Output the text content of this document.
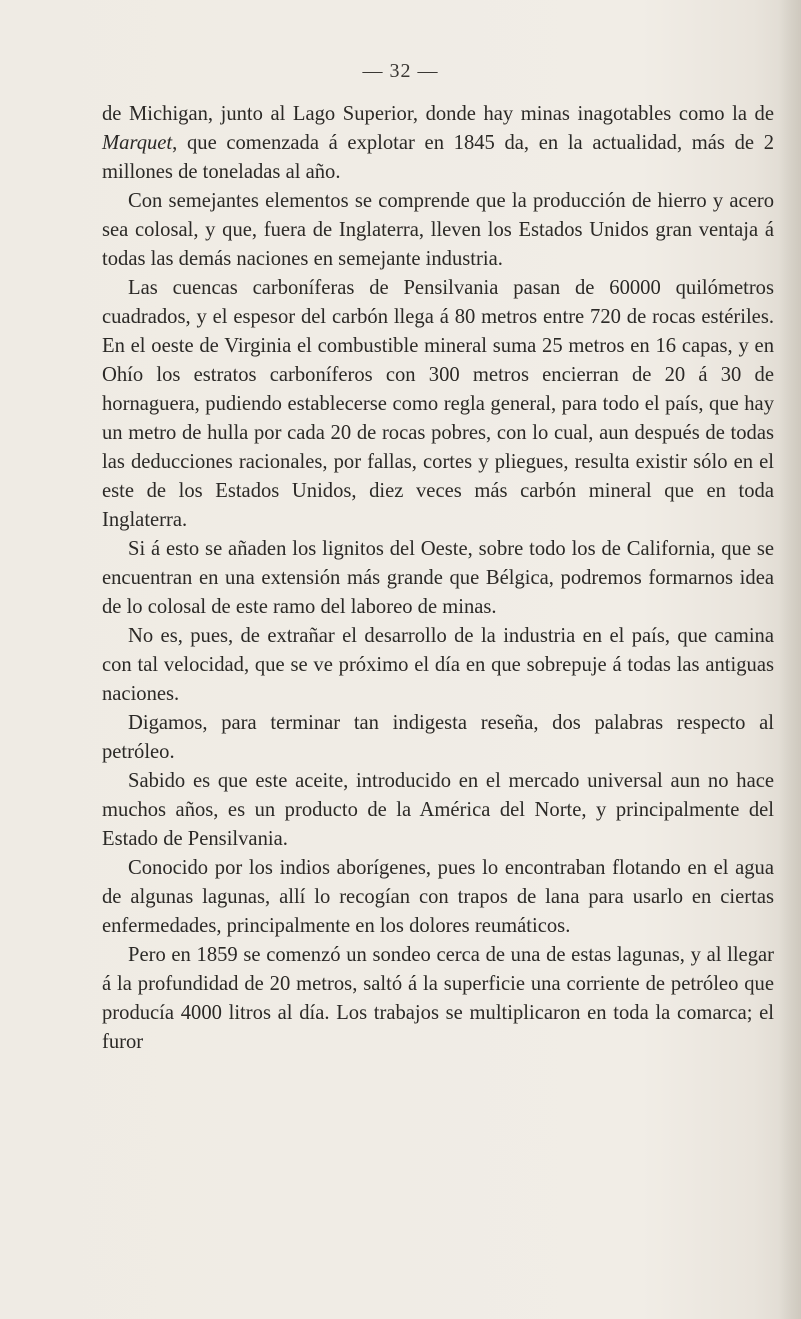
— 32 —

de Michigan, junto al Lago Superior, donde hay minas inagotables como la de Marquet, que comenzada á explotar en 1845 da, en la actualidad, más de 2 millones de toneladas al año.

Con semejantes elementos se comprende que la producción de hierro y acero sea colosal, y que, fuera de Inglaterra, lleven los Estados Unidos gran ventaja á todas las demás naciones en semejante industria.

Las cuencas carboníferas de Pensilvania pasan de 60000 quilómetros cuadrados, y el espesor del carbón llega á 80 metros entre 720 de rocas estériles. En el oeste de Virginia el combustible mineral suma 25 metros en 16 capas, y en Ohío los estratos carboníferos con 300 metros encierran de 20 á 30 de hornaguera, pudiendo establecerse como regla general, para todo el país, que hay un metro de hulla por cada 20 de rocas pobres, con lo cual, aun después de todas las deducciones racionales, por fallas, cortes y pliegues, resulta existir sólo en el este de los Estados Unidos, diez veces más carbón mineral que en toda Inglaterra.

Si á esto se añaden los lignitos del Oeste, sobre todo los de California, que se encuentran en una extensión más grande que Bélgica, podremos formarnos idea de lo colosal de este ramo del laboreo de minas.

No es, pues, de extrañar el desarrollo de la industria en el país, que camina con tal velocidad, que se ve próximo el día en que sobrepuje á todas las antiguas naciones.

Digamos, para terminar tan indigesta reseña, dos palabras respecto al petróleo.

Sabido es que este aceite, introducido en el mercado universal aun no hace muchos años, es un producto de la América del Norte, y principalmente del Estado de Pensilvania.

Conocido por los indios aborígenes, pues lo encontraban flotando en el agua de algunas lagunas, allí lo recogían con trapos de lana para usarlo en ciertas enfermedades, principalmente en los dolores reumáticos.

Pero en 1859 se comenzó un sondeo cerca de una de estas lagunas, y al llegar á la profundidad de 20 metros, saltó á la superficie una corriente de petróleo que producía 4000 litros al día. Los trabajos se multiplicaron en toda la comarca; el furor
